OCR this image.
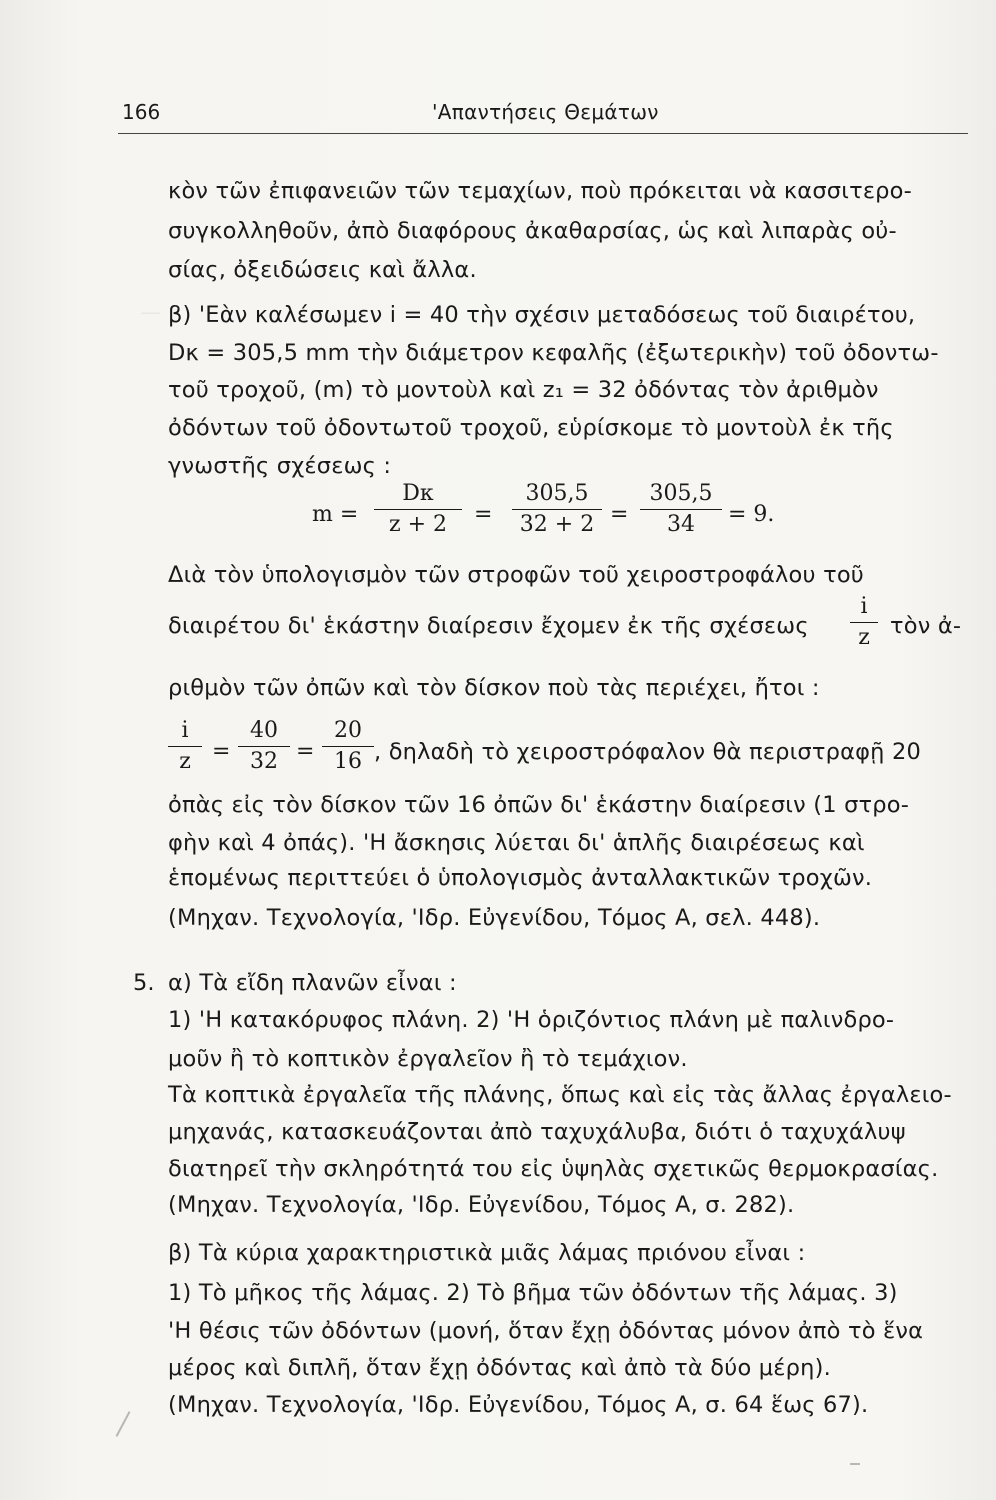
—
166	'Απαντήσεις Θεμάτων
κὸν τῶν ἐπιφανειῶν τῶν τεμαχίων, ποὺ πρόκειται νὰ κασσιτερο-
συγκολληθοῦν, ἀπὸ διαφόρους ἀκαθαρσίας, ὡς καὶ λιπαρὰς οὐ-
σίας, ὀξειδώσεις καὶ ἄλλα.
β) 'Εὰν καλέσωμεν i = 40 τὴν σχέσιν μεταδόσεως τοῦ διαιρέτου,
Dκ = 305,5 mm τὴν διάμετρον κεφαλῆς (ἐξωτερικὴν) τοῦ ὀδοντω-
τοῦ τροχοῦ, (m) τὸ μοντοὺλ καὶ z₁ = 32 ὀδόντας τὸν ἀριθμὸν
ὀδόντων τοῦ ὀδοντωτοῦ τροχοῦ, εὑρίσκομε τὸ μοντοὺλ ἐκ τῆς
γνωστῆς σχέσεως :
$m = \frac{D\kappa}{z + 2} = \frac{305,5}{32 + 2} = \frac{305,5}{34} = 9$.
Διὰ τὸν ὑπολογισμὸν τῶν στροφῶν τοῦ χειροστροφάλου τοῦ
διαιρέτου δι' ἑκάστην διαίρεσιν ἔχομεν ἐκ τῆς σχέσεως $\frac{i}{z}$ τὸν ἀ-
ριθμὸν τῶν ὀπῶν καὶ τὸν δίσκον ποὺ τὰς περιέχει, ἤτοι :
$\frac{i}{z} = \frac{40}{32} = \frac{20}{16}$ , δηλαδὴ τὸ χειροστρόφαλον θὰ περιστραφῇ 20
ὀπὰς εἰς τὸν δίσκον τῶν 16 ὀπῶν δι' ἑκάστην διαίρεσιν (1 στρο-
φὴν καὶ 4 ὀπάς). 'Η ἄσκησις λύεται δι' ἁπλῆς διαιρέσεως καὶ
ἑπομένως περιττεύει ὁ ὑπολογισμὸς ἀνταλλακτικῶν τροχῶν.
(Μηχαν. Τεχνολογία, 'Ιδρ. Εὐγενίδου, Τόμος Α, σελ. 448).
5. α) Τὰ εἴδη πλανῶν εἶναι :
1) 'Η κατακόρυφος πλάνη. 2) 'Η ὁριζόντιος πλάνη μὲ παλινδρο-
μοῦν ἢ τὸ κοπτικὸν ἐργαλεῖον ἢ τὸ τεμάχιον.
Τὰ κοπτικὰ ἐργαλεῖα τῆς πλάνης, ὅπως καὶ εἰς τὰς ἄλλας ἐργαλειο-
μηχανάς, κατασκευάζονται ἀπὸ ταχυχάλυβα, διότι ὁ ταχυχάλυψ
διατηρεῖ τὴν σκληρότητά του εἰς ὑψηλὰς σχετικῶς θερμοκρασίας.
(Μηχαν. Τεχνολογία, 'Ιδρ. Εὐγενίδου, Τόμος Α, σ. 282).
β) Τὰ κύρια χαρακτηριστικὰ μιᾶς λάμας πριόνου εἶναι :
1) Τὸ μῆκος τῆς λάμας. 2) Τὸ βῆμα τῶν ὀδόντων τῆς λάμας. 3)
'Η θέσις τῶν ὀδόντων (μονή, ὅταν ἔχῃ ὀδόντας μόνον ἀπὸ τὸ ἕνα
μέρος καὶ διπλῆ, ὅταν ἔχῃ ὀδόντας καὶ ἀπὸ τὰ δύο μέρη).
(Μηχαν. Τεχνολογία, 'Ιδρ. Εὐγενίδου, Τόμος Α, σ. 64 ἕως 67).
